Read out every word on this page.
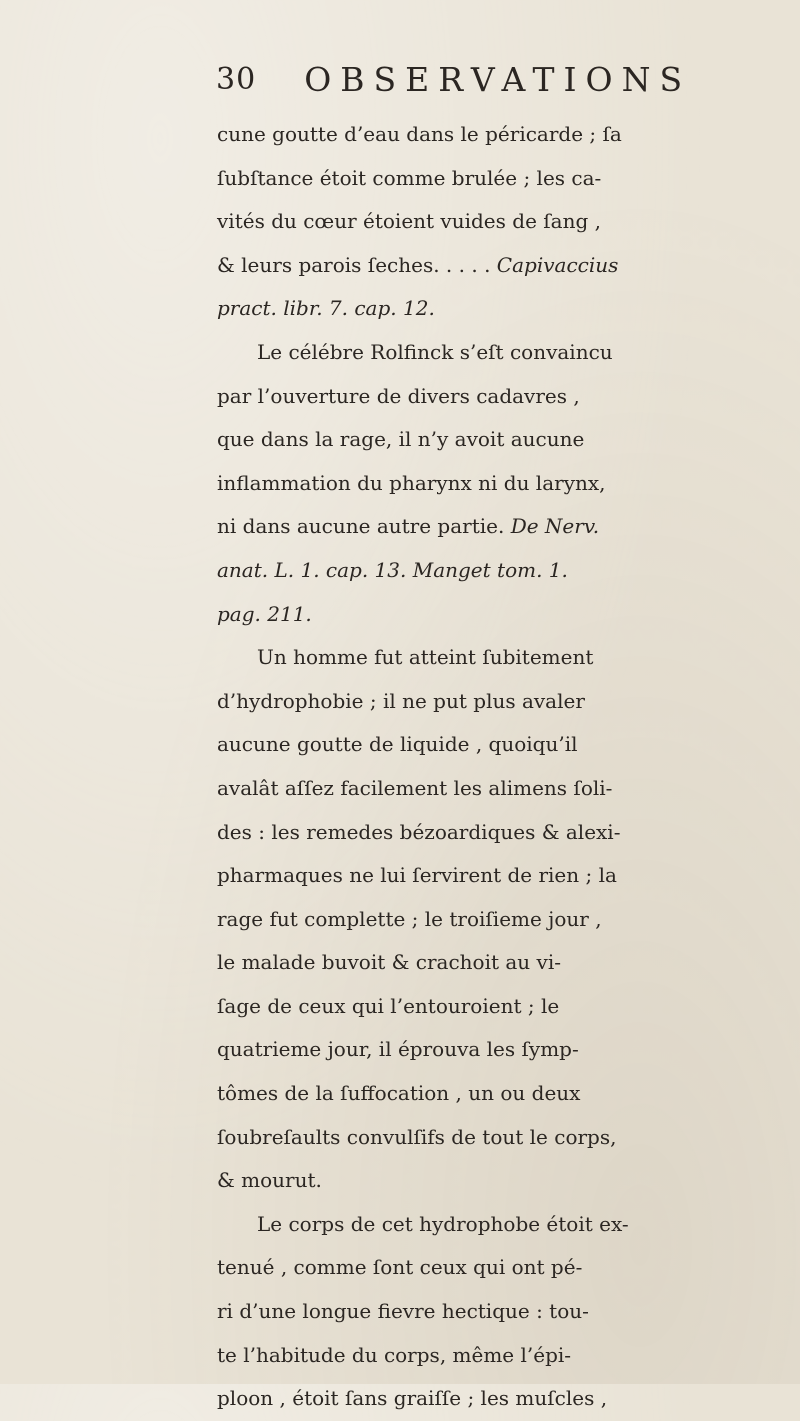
30 OBSERVATIONS
cune goutte d’eau dans le péricarde ; ſa
ſubſtance étoit comme brulée ; les ca-
vités du cœur étoient vuides de ſang ,
& leurs parois ſeches. . . . . Capivaccius
pract. libr. 7. cap. 12.
Le célébre Rolfinck s’eſt convaincu
par l’ouverture de divers cadavres ,
que dans la rage, il n’y avoit aucune
inflammation du pharynx ni du larynx,
ni dans aucune autre partie. De Nerv.
anat. L. 1. cap. 13. Manget tom. 1.
pag. 211.
Un homme fut atteint ſubitement
d’hydrophobie ; il ne put plus avaler
aucune goutte de liquide , quoiqu’il
avalât aſſez facilement les alimens ſoli-
des : les remedes bézoardiques & alexi-
pharmaques ne lui ſervirent de rien ; la
rage fut complette ; le troiſieme jour ,
le malade buvoit & crachoit au vi-
ſage de ceux qui l’entouroient ; le
quatrieme jour, il éprouva les ſymp-
tômes de la ſuffocation , un ou deux
ſoubreſaults convulſifs de tout le corps,
& mourut.
Le corps de cet hydrophobe étoit ex-
tenué , comme ſont ceux qui ont pé-
ri d’une longue fievre hectique : tou-
te l’habitude du corps, même l’épi-
ploon , étoit ſans graiſſe ; les muſcles ,
